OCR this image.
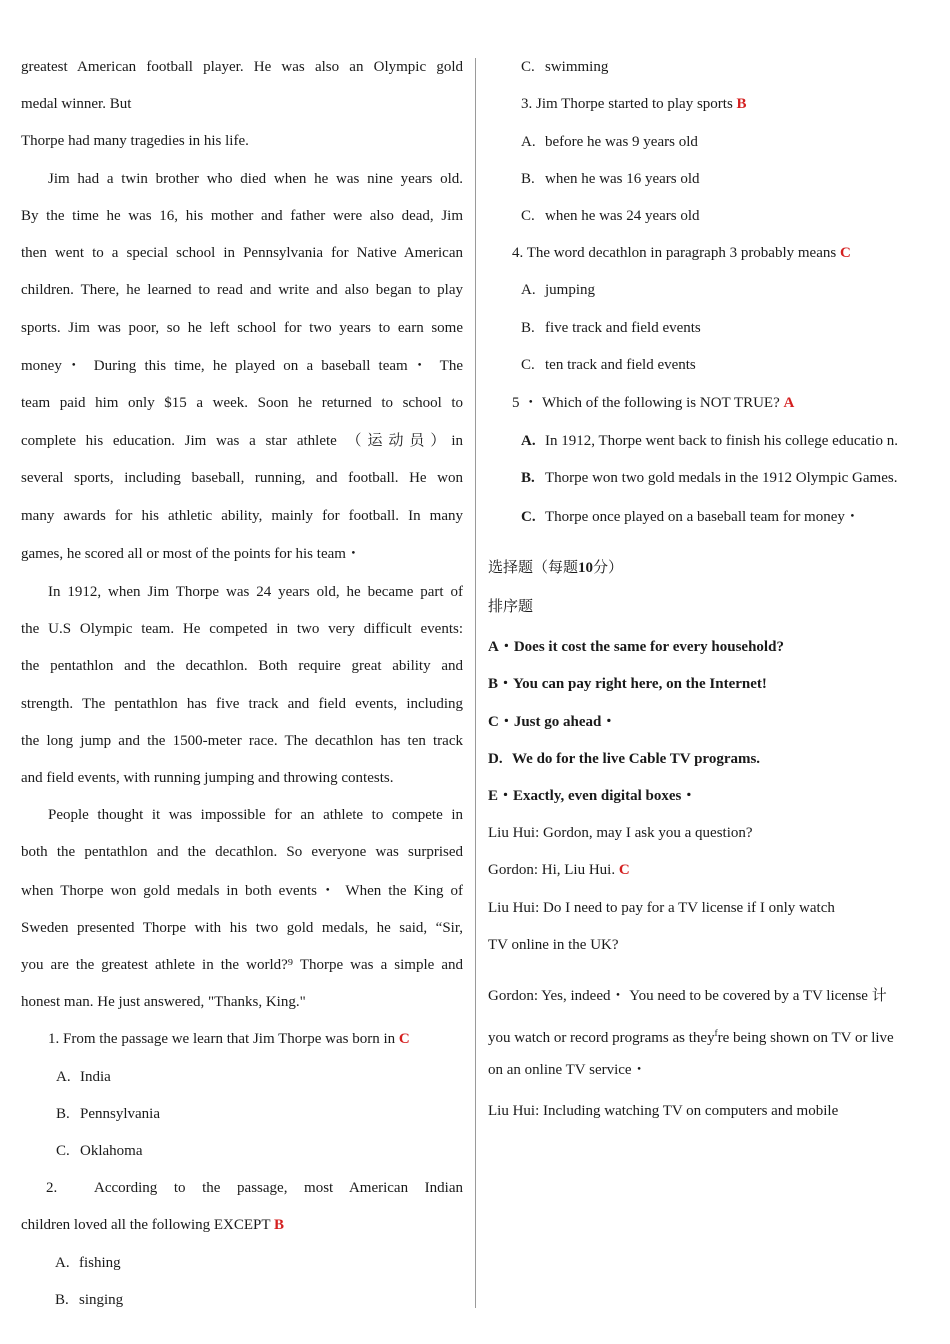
greatest American football player. He was also an Olympic gold
medal winner. But
Thorpe had many tragedies in his life.
Jim had a twin brother who died when he was nine years old.
By the time he was 16, his mother and father were also dead, Jim
then went to a special school in Pennsylvania for Native American
children. There, he learned to read and write and also began to play
sports. Jim was poor, so he left school for two years to earn some
money・ During this time, he played on a baseball team・ The
team paid him only $15 a week. Soon he returned to school to
complete his education. Jim was a star athlete （运动员）in
several sports, including baseball, running, and football. He won
many awards for his athletic ability, mainly for football. In many
games, he scored all or most of the points for his team・
In 1912, when Jim Thorpe was 24 years old, he became part of
the U.S Olympic team. He competed in two very difficult events:
the pentathlon and the decathlon. Both require great ability and
strength. The pentathlon has five track and field events, including
the long jump and the 1500-meter race. The decathlon has ten track
and field events, with running jumping and throwing contests.
People thought it was impossible for an athlete to compete in
both the pentathlon and the decathlon. So everyone was surprised
when Thorpe won gold medals in both events・ When the King of
Sweden presented Thorpe with his two gold medals, he said, “Sir,
you are the greatest athlete in the world?⁹ Thorpe was a simple and
honest man. He just answered, "Thanks, King."
1. From the passage we learn that Jim Thorpe was born in C
A. India
B. Pennsylvania
C. Oklahoma
2. According to the passage, most American Indian
children loved all the following EXCEPT B
A. fishing
B. singing
C. swimming
3. Jim Thorpe started to play sports B
A. before he was 9 years old
B. when he was 16 years old
C. when he was 24 years old
4. The word decathlon in paragraph 3 probably means C
A. jumping
B. five track and field events
C. ten track and field events
5 ・ Which of the following is NOT TRUE? A
A. In 1912, Thorpe went back to finish his college educatio n.
B. Thorpe won two gold medals in the 1912 Olympic Games.
C. Thorpe once played on a baseball team for money・
选择题（每题10分）
排序题
A・Does it cost the same for every household?
B・You can pay right here, on the Internet!
C・Just go ahead・
D. We do for the live Cable TV programs.
E・Exactly, even digital boxes・
Liu Hui: Gordon, may I ask you a question?
Gordon: Hi, Liu Hui. C
Liu Hui: Do I need to pay for a TV license if I only watch
TV online in the UK?
Gordon: Yes, indeed・ You need to be covered by a TV license 计
you watch or record programs as they$^f$re being shown on TV or live
on an online TV service・
Liu Hui: Including watching TV on computers and mobile
